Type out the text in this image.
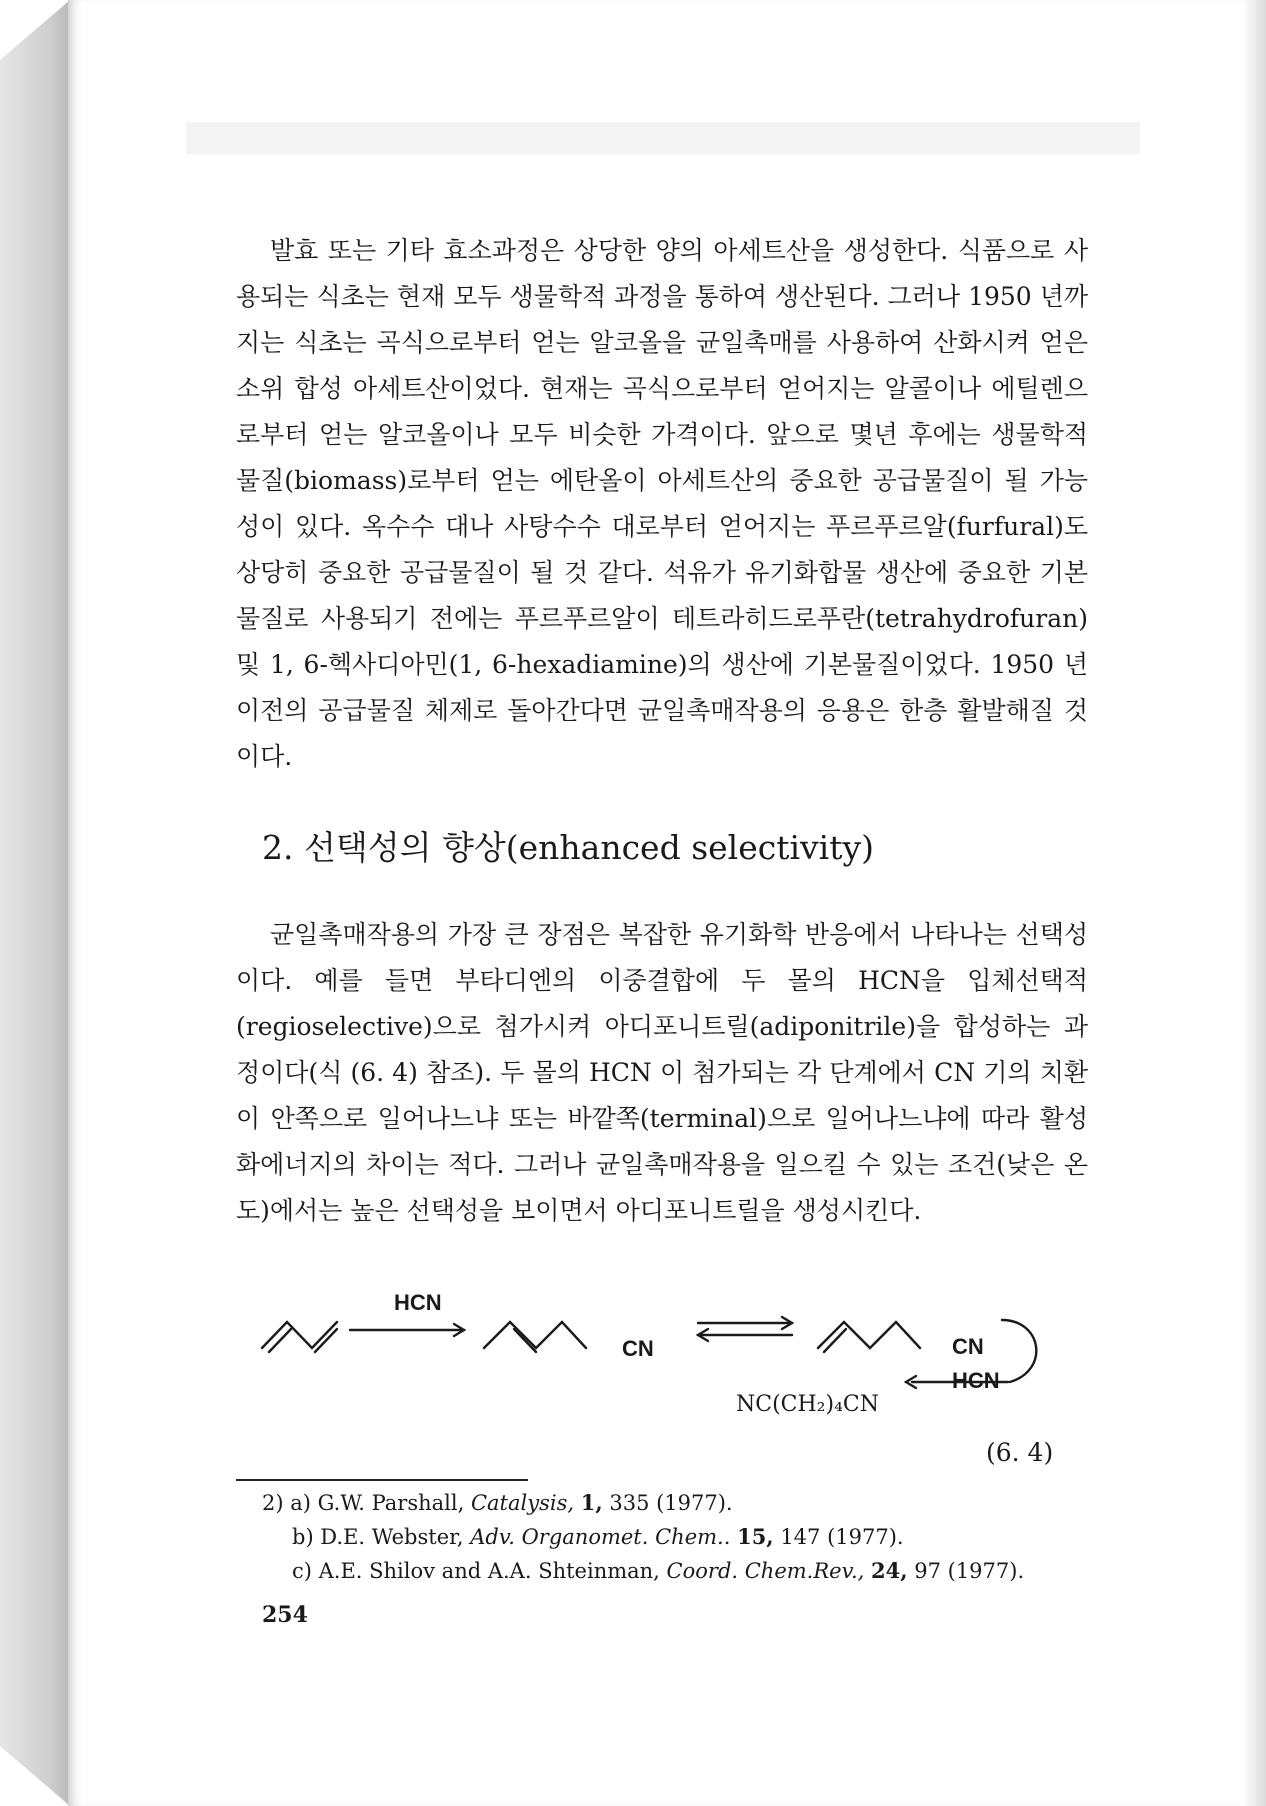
발효 또는 기타 효소과정은 상당한 양의 아세트산을 생성한다. 식품으로 사용되는 식초는 현재 모두 생물학적 과정을 통하여 생산된다. 그러나 1950 년까지는 식초는 곡식으로부터 얻는 알코올을 균일촉매를 사용하여 산화시켜 얻은 소위 합성 아세트산이었다. 현재는 곡식으로부터 얻어지는 알콜이나 에틸렌으로부터 얻는 알코올이나 모두 비슷한 가격이다. 앞으로 몇년 후에는 생물학적 물질(biomass)로부터 얻는 에탄올이 아세트산의 중요한 공급물질이 될 가능성이 있다. 옥수수 대나 사탕수수 대로부터 얻어지는 푸르푸르알(furfural)도 상당히 중요한 공급물질이 될 것 같다. 석유가 유기화합물 생산에 중요한 기본물질로 사용되기 전에는 푸르푸르알이 테트라히드로푸란(tetrahydrofuran) 및 1, 6-헥사디아민(1, 6-hexadiamine)의 생산에 기본물질이었다. 1950 년 이전의 공급물질 체제로 돌아간다면 균일촉매작용의 응용은 한층 활발해질 것이다.

2. 선택성의 향상(enhanced selectivity)

균일촉매작용의 가장 큰 장점은 복잡한 유기화학 반응에서 나타나는 선택성이다. 예를 들면 부타디엔의 이중결합에 두 몰의 HCN을 입체선택적(regioselective)으로 첨가시켜 아디포니트릴(adiponitrile)을 합성하는 과정이다(식 (6. 4) 참조). 두 몰의 HCN 이 첨가되는 각 단계에서 CN 기의 치환이 안쪽으로 일어나느냐 또는 바깥쪽(terminal)으로 일어나느냐에 따라 활성화에너지의 차이는 적다. 그러나 균일촉매작용을 일으킬 수 있는 조건(낮은 온도)에서는 높은 선택성을 보이면서 아디포니트릴을 생성시킨다.

HCN
CN	CN
HCN
NC(CH₂)₄CN
(6. 4)
2) a) G.W. Parshall, Catalysis, 1, 335 (1977).
b) D.E. Webster, Adv. Organomet. Chem.. 15, 147 (1977).
c) A.E. Shilov and A.A. Shteinman, Coord. Chem.Rev., 24, 97 (1977).
254
